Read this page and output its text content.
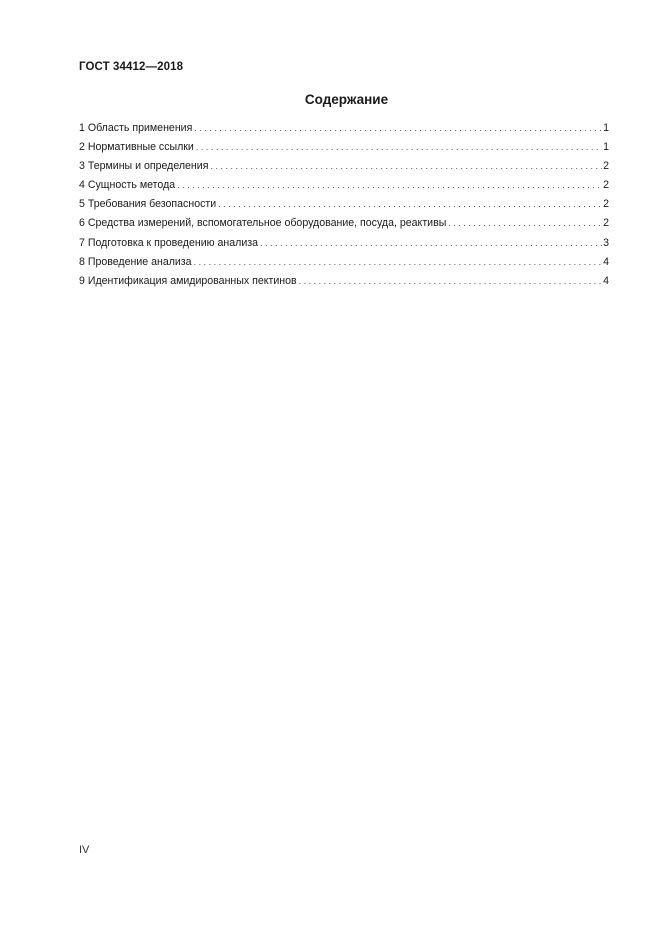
ГОСТ 34412—2018
Содержание
1 Область применения . . .	1
2 Нормативные ссылки . . .	1
3 Термины и определения . . .	2
4 Сущность метода . . .	2
5 Требования безопасности . . .	2
6 Средства измерений, вспомогательное оборудование, посуда, реактивы . . .	2
7 Подготовка к проведению анализа . . .	3
8 Проведение анализа . . .	4
9 Идентификация амидированных пектинов . . .	4
IV
